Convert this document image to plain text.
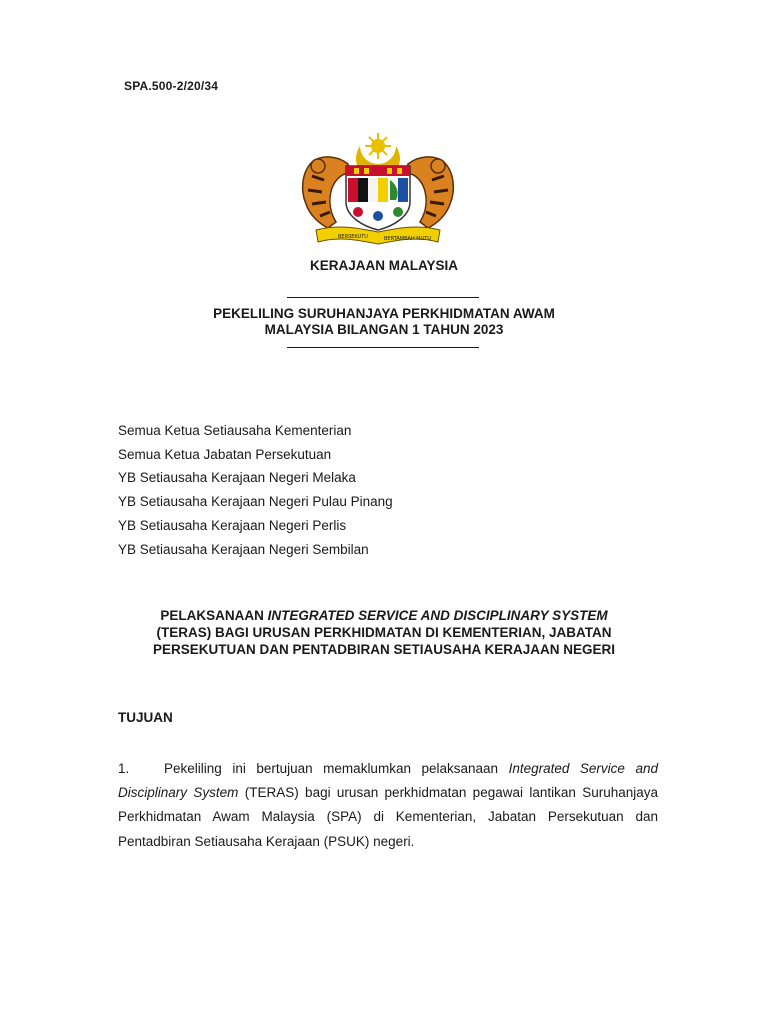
SPA.500-2/20/34
BERSEKUTU	BERTAMBAH MUTU
KERAJAAN MALAYSIA
PEKELILING SURUHANJAYA PERKHIDMATAN AWAM
MALAYSIA BILANGAN 1 TAHUN 2023
Semua Ketua Setiausaha Kementerian
Semua Ketua Jabatan Persekutuan
YB Setiausaha Kerajaan Negeri Melaka
YB Setiausaha Kerajaan Negeri Pulau Pinang
YB Setiausaha Kerajaan Negeri Perlis
YB Setiausaha Kerajaan Negeri Sembilan
PELAKSANAAN INTEGRATED SERVICE AND DISCIPLINARY SYSTEM
(TERAS) BAGI URUSAN PERKHIDMATAN DI KEMENTERIAN, JABATAN
PERSEKUTUAN DAN PENTADBIRAN SETIAUSAHA KERAJAAN NEGERI
TUJUAN
1.	Pekeliling ini bertujuan memaklumkan pelaksanaan Integrated Service and Disciplinary System (TERAS) bagi urusan perkhidmatan pegawai lantikan Suruhanjaya Perkhidmatan Awam Malaysia (SPA) di Kementerian, Jabatan Persekutuan dan Pentadbiran Setiausaha Kerajaan (PSUK) negeri.
